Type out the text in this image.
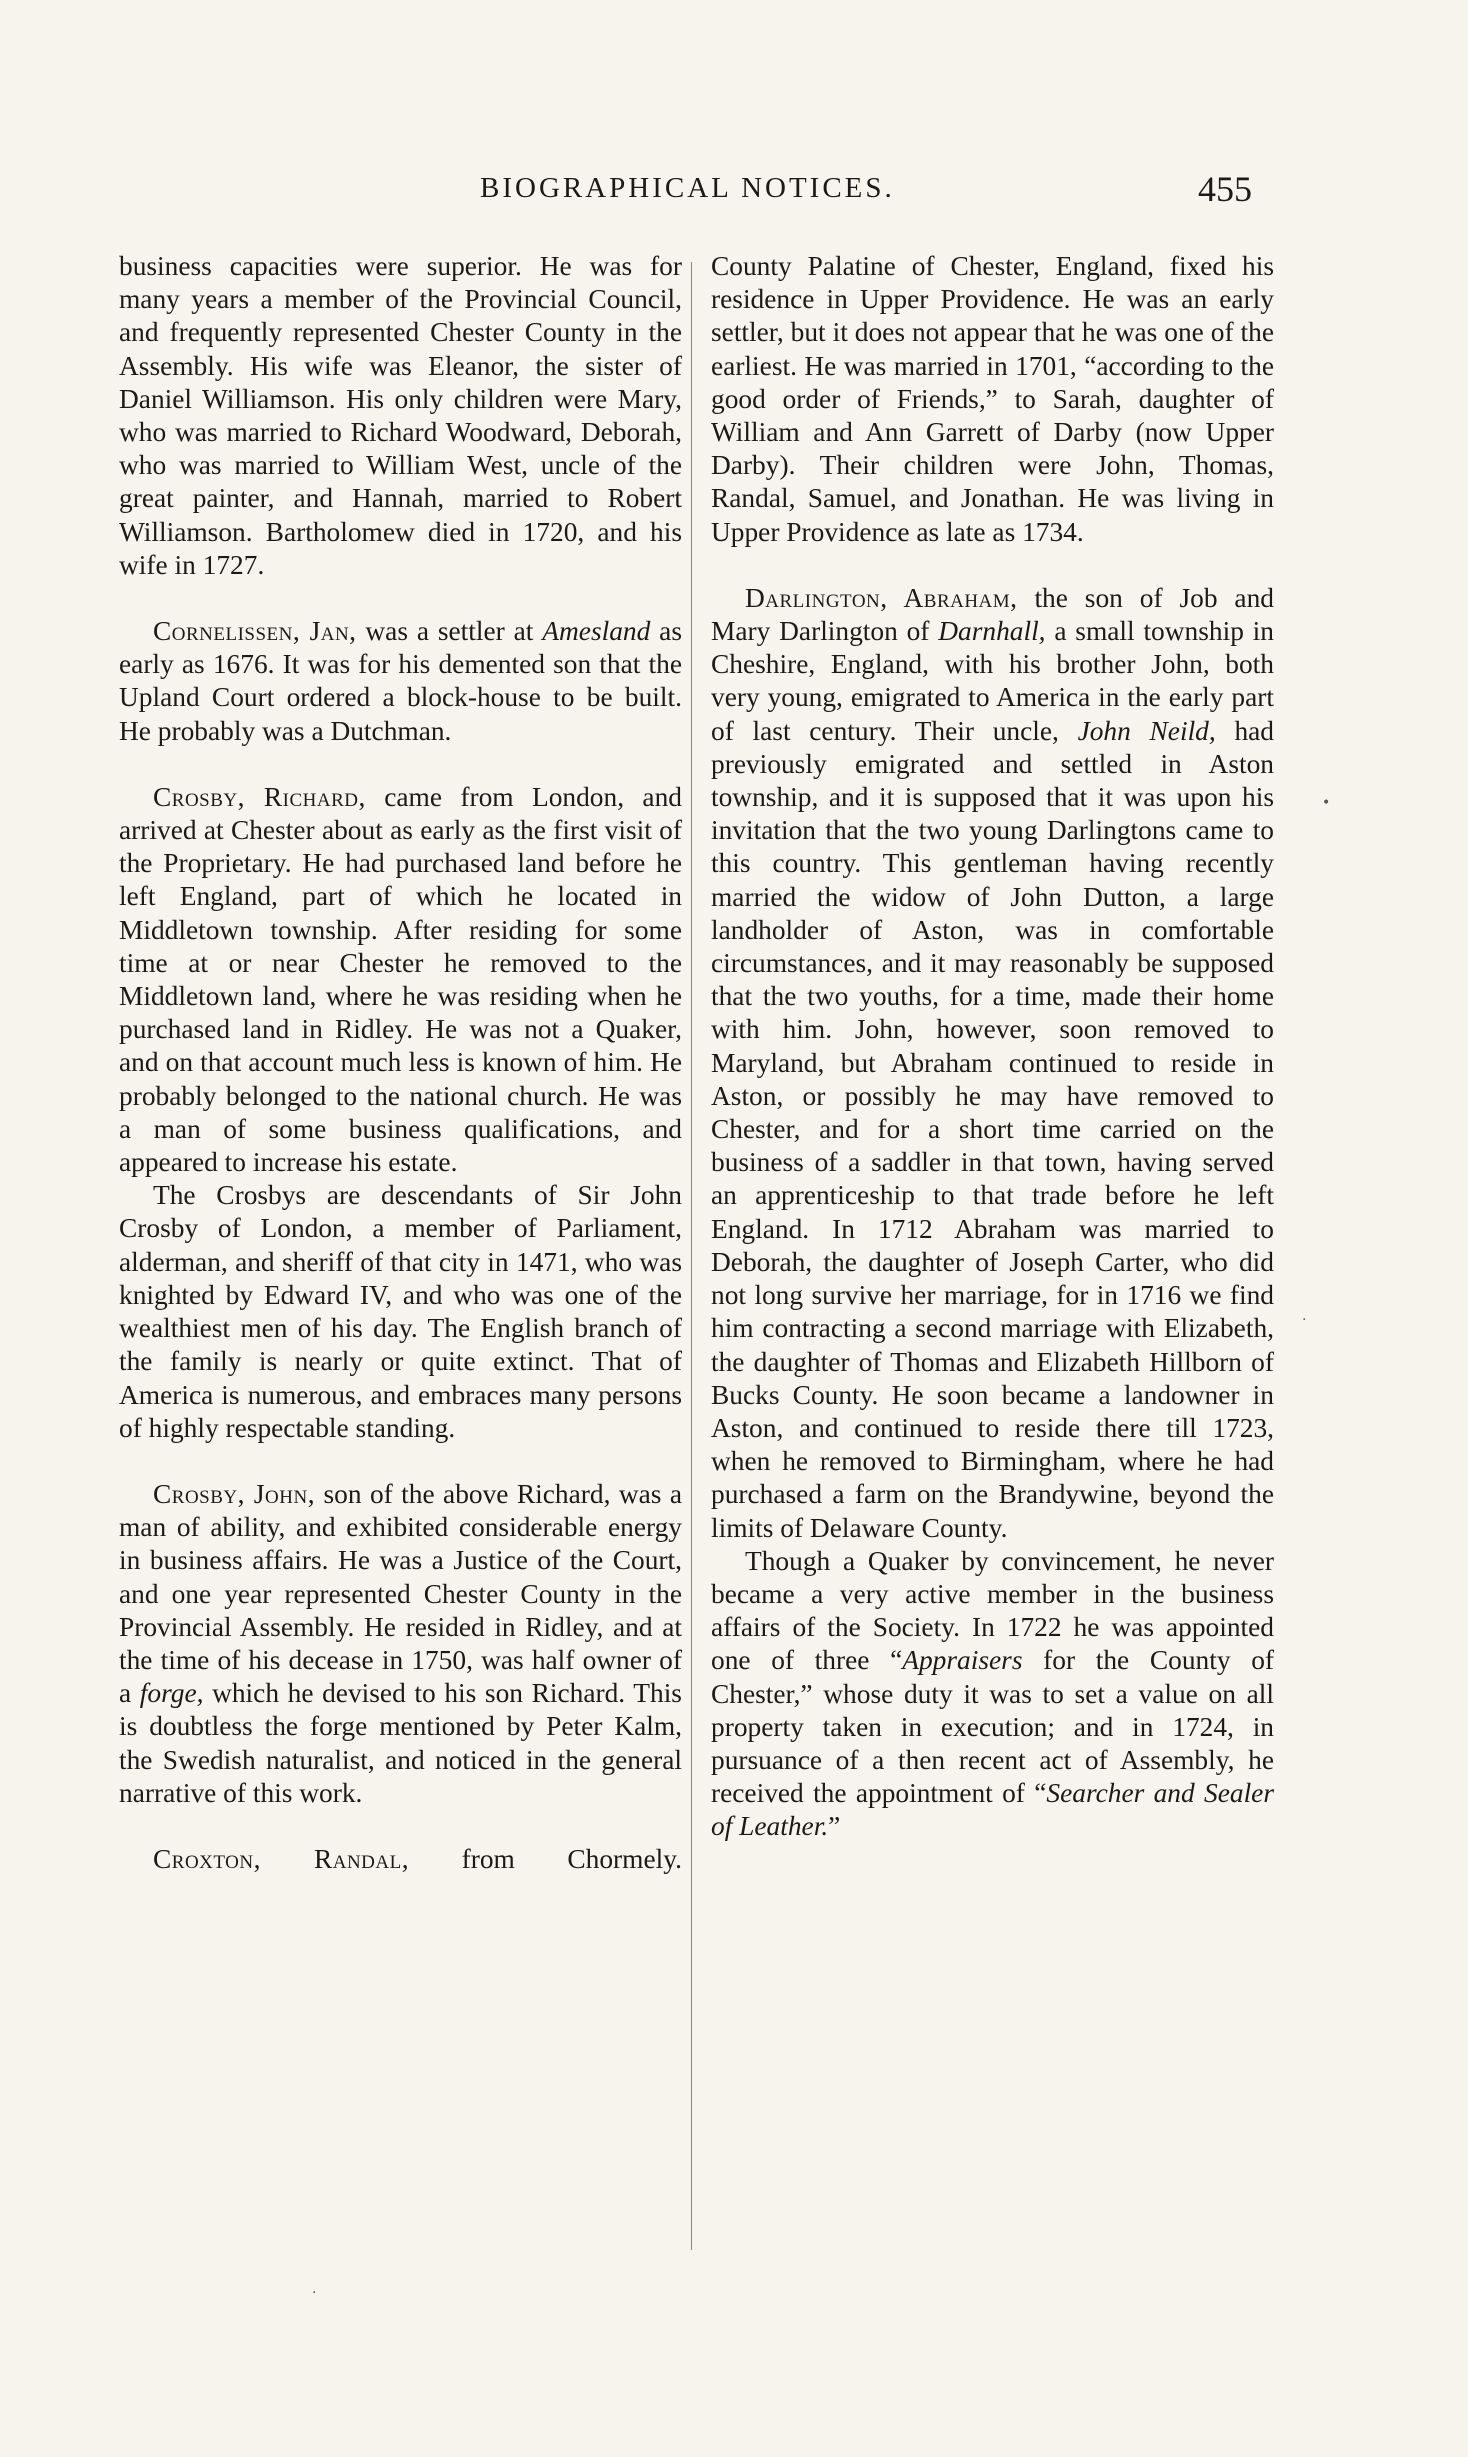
BIOGRAPHICAL NOTICES.	455

business capacities were superior. He was for many years a member of the Provincial Council, and frequently represented Chester County in the Assembly. His wife was Eleanor, the sister of Daniel Williamson. His only children were Mary, who was married to Richard Woodward, Deborah, who was married to William West, uncle of the great painter, and Hannah, married to Robert Williamson. Bartholomew died in 1720, and his wife in 1727.

Cornelissen, Jan, was a settler at Amesland as early as 1676. It was for his demented son that the Upland Court ordered a block-house to be built. He probably was a Dutchman.

Crosby, Richard, came from London, and arrived at Chester about as early as the first visit of the Proprietary. He had purchased land before he left England, part of which he located in Middletown township. After residing for some time at or near Chester he removed to the Middletown land, where he was residing when he purchased land in Ridley. He was not a Quaker, and on that account much less is known of him. He probably belonged to the national church. He was a man of some business qualifications, and appeared to increase his estate.

The Crosbys are descendants of Sir John Crosby of London, a member of Parliament, alderman, and sheriff of that city in 1471, who was knighted by Edward IV, and who was one of the wealthiest men of his day. The English branch of the family is nearly or quite extinct. That of America is numerous, and embraces many persons of highly respectable standing.

Crosby, John, son of the above Richard, was a man of ability, and exhibited considerable energy in business affairs. He was a Justice of the Court, and one year represented Chester County in the Provincial Assembly. He resided in Ridley, and at the time of his decease in 1750, was half owner of a forge, which he devised to his son Richard. This is doubtless the forge mentioned by Peter Kalm, the Swedish naturalist, and noticed in the general narrative of this work.

Croxton, Randal, from Chormely.

County Palatine of Chester, England, fixed his residence in Upper Providence. He was an early settler, but it does not appear that he was one of the earliest. He was married in 1701, “according to the good order of Friends,” to Sarah, daughter of William and Ann Garrett of Darby (now Upper Darby). Their children were John, Thomas, Randal, Samuel, and Jonathan. He was living in Upper Providence as late as 1734.

Darlington, Abraham, the son of Job and Mary Darlington of Darnhall, a small township in Cheshire, England, with his brother John, both very young, emigrated to America in the early part of last century. Their uncle, John Neild, had previously emigrated and settled in Aston township, and it is supposed that it was upon his invitation that the two young Darlingtons came to this country. This gentleman having recently married the widow of John Dutton, a large landholder of Aston, was in comfortable circumstances, and it may reasonably be supposed that the two youths, for a time, made their home with him. John, however, soon removed to Maryland, but Abraham continued to reside in Aston, or possibly he may have removed to Chester, and for a short time carried on the business of a saddler in that town, having served an apprenticeship to that trade before he left England. In 1712 Abraham was married to Deborah, the daughter of Joseph Carter, who did not long survive her marriage, for in 1716 we find him contracting a second marriage with Elizabeth, the daughter of Thomas and Elizabeth Hillborn of Bucks County. He soon became a landowner in Aston, and continued to reside there till 1723, when he removed to Birmingham, where he had purchased a farm on the Brandywine, beyond the limits of Delaware County.

Though a Quaker by convincement, he never became a very active member in the business affairs of the Society. In 1722 he was appointed one of three “Appraisers for the County of Chester,” whose duty it was to set a value on all property taken in execution; and in 1724, in pursuance of a then recent act of Assembly, he received the appointment of “Searcher and Sealer of Leather.”

•
.
·
